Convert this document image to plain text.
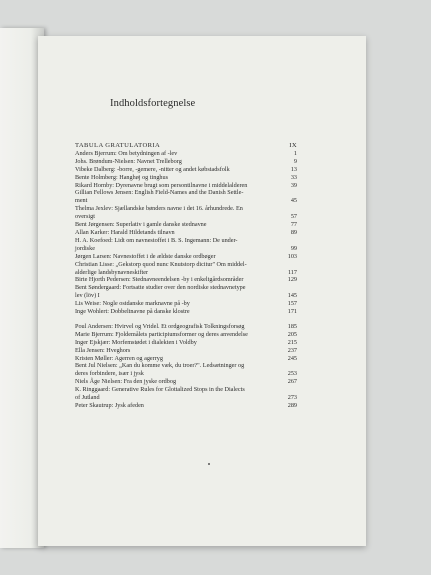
Indholdsfortegnelse
TABULA GRATULATORIA	IX
Anders Bjerrum: Om betydningen af -lev	1
Johs. Brøndum-Nielsen: Navnet Trelleborg	9
Vibeke Dalberg: -borre, -gemere, -nitter og andet købstadsfolk	13
Bente Holmberg: Hanghøj og tinghus	33
Rikard Hornby: Dyrenavne brugt som persontilnavne i middelalderen	39
Gillian Fellows Jensen: English Field-Names and the Danish Settle-
ment	45
Thelma Jexlev: Sjællandske bønders navne i det 16. århundrede. En
oversigt	57
Bent Jørgensen: Superlativ i gamle danske stednavne	77
Allan Karker: Harald Hildetands tilnavn	89
H. A. Koefoed: Lidt om navnestoffet i B. S. Ingemann: De under-
jordiske	99
Jørgen Larsen: Navnestoffet i de ældste danske ordbøger	103
Christian Lisse: „Gekstorp quod nunc Knutstorp dicitur" Om middel-
alderlige landsbynavneskifter	117
Birte Hjorth Pedersen: Stednavneendelsen -by i enkeltgårdsområder	129
Bent Søndergaard: Fortsatte studier over den nordiske stednavnetype
lev (löv) I	145
Lis Weise: Nogle ostdanske marknavne på -by	157
Inge Wohlert: Dobbeltnavne på danske klostre	171
Poul Andersen: Hvirvel og Vridel. Et ordgeografisk Tolkningsforsøg	185
Marie Bjerrum: Fjoldemålets participiumsformer og deres anvendelse	205
Inger Ejskjær: Morfemstødet i dialekten i Voldby	215
Ella Jensen: Hveghors	237
Kristen Møller: Agerren og agerryg	245
Bent Jul Nielsen: „Kan du komme væk, du troer?". Ledsætninger og
deres forbindere, især i jysk	253
Niels Åge Nielsen: Fra den jyske ordbog	267
K. Ringgaard: Generative Rules for Glottalized Stops in the Dialects
of Jutland	273
Peter Skautrup: Jysk afeden	289
